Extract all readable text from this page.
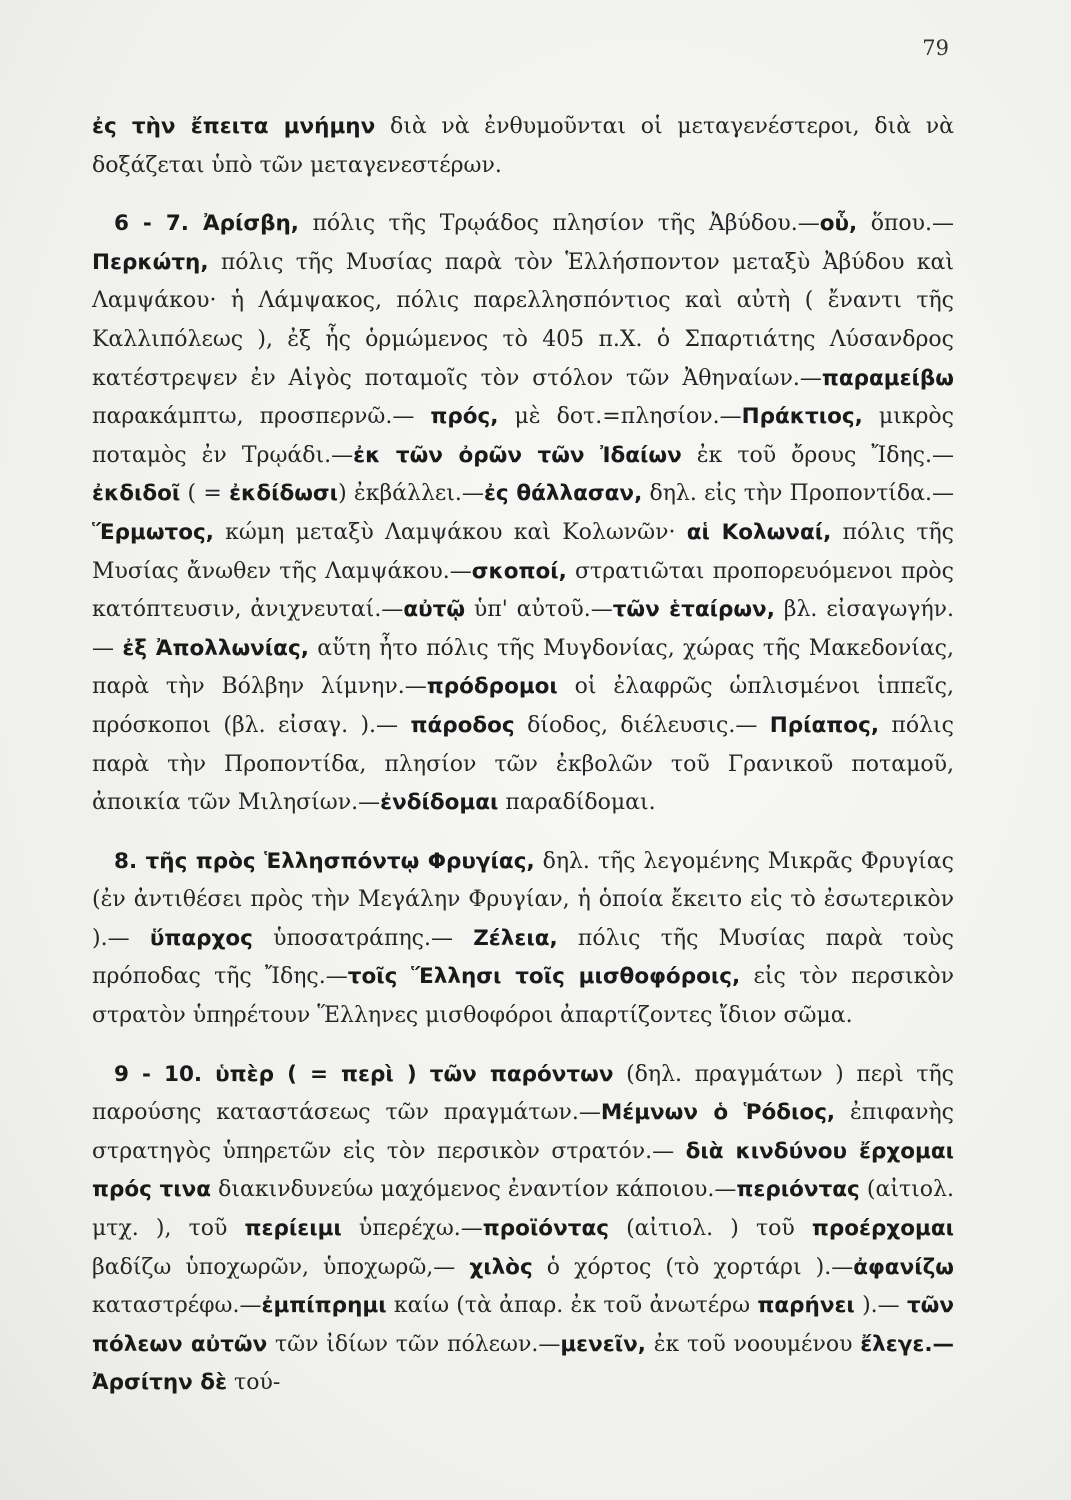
79

ἐς τὴν ἔπειτα μνήμην διὰ νὰ ἐνθυμοῦνται οἱ μεταγενέστεροι, διὰ νὰ δοξάζεται ὑπὸ τῶν μεταγενεστέρων.

6 - 7. Ἀρίσβη, πόλις τῆς Τρῳάδος πλησίον τῆς Ἀβύδου.—οὗ, ὅπου.—Περκώτη, πόλις τῆς Μυσίας παρὰ τὸν Ἑλλήσποντον μεταξὺ Ἀβύδου καὶ Λαμψάκου· ἡ Λάμψακος, πόλις παρελλησπόντιος καὶ αὐτὴ ( ἔναντι τῆς Καλλιπόλεως ), ἐξ ἧς ὁρμώμενος τὸ 405 π.Χ. ὁ Σπαρτιάτης Λύσανδρος κατέστρεψεν ἐν Αἰγὸς ποταμοῖς τὸν στόλον τῶν Ἀθηναίων.—παραμείβω παρακάμπτω, προσπερνῶ.— πρός, μὲ δοτ.=πλησίον.—Πράκτιος, μικρὸς ποταμὸς ἐν Τρῳάδι.—ἐκ τῶν ὀρῶν τῶν Ἰδαίων ἐκ τοῦ ὄρους Ἴδης.— ἐκδιδοῖ ( = ἐκδίδωσι) ἐκβάλλει.—ἐς θάλλασαν, δηλ. εἰς τὴν Προποντίδα.—Ἕρμωτος, κώμη μεταξὺ Λαμψάκου καὶ Κολωνῶν· αἱ Κολωναί, πόλις τῆς Μυσίας ἄνωθεν τῆς Λαμψάκου.—σκοποί, στρατιῶται προπορευόμενοι πρὸς κατόπτευσιν, ἀνιχνευταί.—αὐτῷ ὑπ' αὐτοῦ.—τῶν ἑταίρων, βλ. εἰσαγωγήν.— ἐξ Ἀπολλωνίας, αὕτη ἦτο πόλις τῆς Μυγδονίας, χώρας τῆς Μακεδονίας, παρὰ τὴν Βόλβην λίμνην.—πρόδρομοι οἱ ἐλαφρῶς ὡπλισμένοι ἱππεῖς, πρόσκοποι (βλ. εἰσαγ. ).— πάροδος δίοδος, διέλευσις.— Πρίαπος, πόλις παρὰ τὴν Προποντίδα, πλησίον τῶν ἐκβολῶν τοῦ Γρανικοῦ ποταμοῦ, ἀποικία τῶν Μιλησίων.—ἐνδίδομαι παραδίδομαι.

8. τῆς πρὸς Ἑλλησπόντῳ Φρυγίας, δηλ. τῆς λεγομένης Μικρᾶς Φρυγίας (ἐν ἀντιθέσει πρὸς τὴν Μεγάλην Φρυγίαν, ἡ ὁποία ἔκειτο εἰς τὸ ἐσωτερικὸν ).— ὕπαρχος ὑποσατράπης.— Ζέλεια, πόλις τῆς Μυσίας παρὰ τοὺς πρόποδας τῆς Ἴδης.—τοῖς Ἕλλησι τοῖς μισθοφόροις, εἰς τὸν περσικὸν στρατὸν ὑπηρέτουν Ἕλληνες μισθοφόροι ἀπαρτίζοντες ἴδιον σῶμα.

9 - 10. ὑπὲρ ( = περὶ ) τῶν παρόντων (δηλ. πραγμάτων ) περὶ τῆς παρούσης καταστάσεως τῶν πραγμάτων.—Μέμνων ὁ Ῥόδιος, ἐπιφανὴς στρατηγὸς ὑπηρετῶν εἰς τὸν περσικὸν στρατόν.— διὰ κινδύνου ἔρχομαι πρός τινα διακινδυνεύω μαχόμενος ἐναντίον κάποιου.—περιόντας (αἰτιολ. μτχ. ), τοῦ περίειμι ὑπερέχω.—προϊόντας (αἰτιολ. ) τοῦ προέρχομαι βαδίζω ὑποχωρῶν, ὑποχωρῶ,— χιλὸς ὁ χόρτος (τὸ χορτάρι ).—ἀφανίζω καταστρέφω.—ἐμπίπρημι καίω (τὰ ἀπαρ. ἐκ τοῦ ἀνωτέρω παρήνει ).— τῶν πόλεων αὐτῶν τῶν ἰδίων τῶν πόλεων.—μενεῖν, ἐκ τοῦ νοουμένου ἔλεγε.—Ἀρσίτην δὲ τού-
